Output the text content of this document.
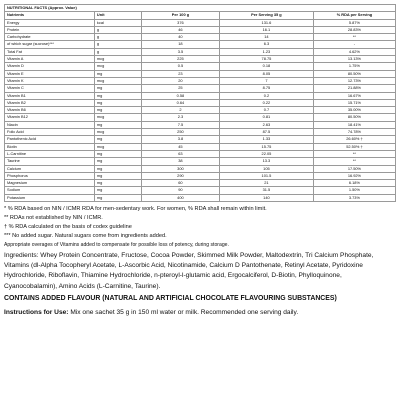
NUTRITIONAL FACTS (Approx. Value)				
Nutrients	Unit	Per 100 g	Per Serving 35 g	% RDA per Serving
Energy	kcal	376	131.6	5.87%
Protein	g	46	16.1	28.83%
Carbohydrate	g	40	14	**
of which sugar (sucrose)***	g	18	6.3	-
Total Fat	g	3.5	1.23	4.62%
Vitamin A	mcg	225	78.75	13.13%
Vitamin D	mcg	0.5	0.18	1.75%
Vitamin E	mg	23	8.05	80.50%
Vitamin K	mcg	20	7	12.73%
Vitamin C	mg	25	8.75	21.88%
Vitamin B1	mg	0.58	0.2	16.67%
Vitamin B2	mg	0.64	0.22	15.71%
Vitamin B6	mg	2	0.7	35.00%
Vitamin B12	mcg	2.3	0.81	80.50%
Niacin	mg	7.5	2.63	18.41%
Folic Acid	mcg	250	87.5	74.78%
Pantothenic Acid	mg	3.8	1.33	26.60% †
Biotin	mcg	45	15.75	52.50% †
L-Carnitine	mg	63	22.05	**
Taurine	mg	38	13.3	**
Calcium	mg	300	105	17.50%
Phosphorus	mg	290	101.5	16.92%
Magnesium	mg	60	21	6.18%
Sodium	mg	90	31.5	1.50%
Potassium	mg	400	140	3.73%
* % RDA based on NIN / ICMR RDA for men-sedentary work. For women, % RDA shall remain within limit.
** RDAs not established by NIN / ICMR.
† % RDA calculated on the basis of codex guideline
*** No added sugar. Natural sugars come from ingredients added.
Appropriate overages of Vitamins added to compensate for possible loss of potency, during storage.

Ingredients: Whey Protein Concentrate, Fructose, Cocoa Powder, Skimmed Milk Powder, Maltodextrin, Tri Calcium Phosphate, Vitamins (dl-Alpha Tocopheryl Acetate, L-Ascorbic Acid, Nicotinamide, Calcium D Pantothenate, Retinyl Acetate, Pyridoxine Hydrochloride, Riboflavin, Thiamine Hydrochloride, n-pteroyl-l-glutamic acid, Ergocalciferol, D-Biotin, Phylloquinone, Cyanocobalamin), Amino Acids (L-Carnitine, Taurine).

CONTAINS ADDED FLAVOUR (NATURAL AND ARTIFICIAL CHOCOLATE FLAVOURING SUBSTANCES)

Instructions for Use: Mix one sachet 35 g in 150 ml water or milk. Recommended one serving daily.
